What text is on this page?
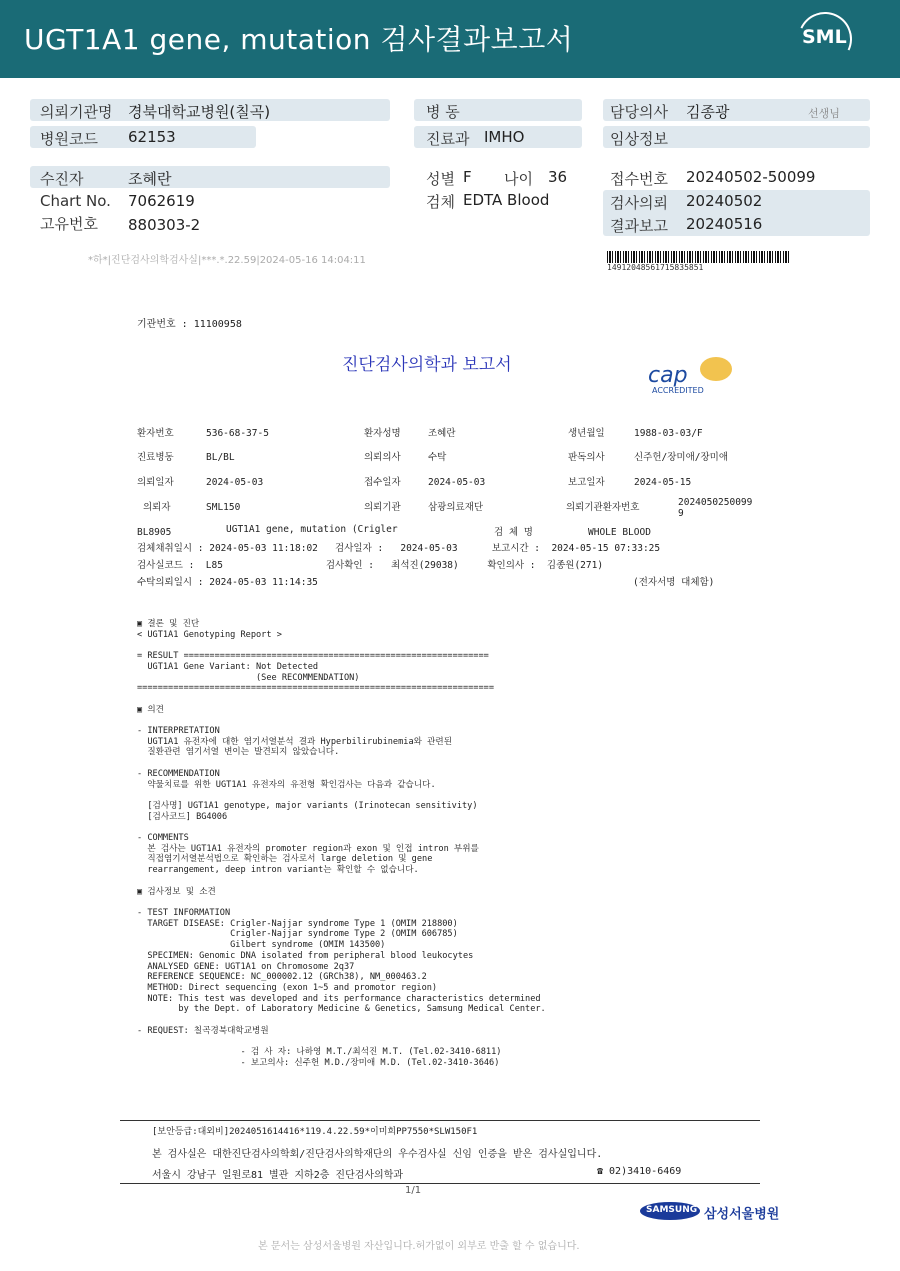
UGT1A1 gene, mutation 검사결과보고서	SML
의뢰기관명 경북대학교병원(칠곡)
병원코드 62153
병 동
진료과 IMHO
담당의사 김종광	선생님
임상정보
수진자	조혜란
Chart No. 7062619
고유번호 880303-2
성별 F 나이 36
검체 EDTA Blood
접수번호 20240502-50099
검사의뢰 20240502
결과보고 20240516
*하*|진단검사의학검사실|***.*.22.59|2024-05-16 14:04:11
14912048561715835851
기관번호 : 11100958
진단검사의학과 보고서	cap
ACCREDITED
환자번호	536-68-37-5	환자성명	조혜란	생년월일	1988-03-03/F
진료병동	BL/BL	의뢰의사	수탁	판독의사	신주헌/장미애/장미애
의뢰일자	2024-05-03	접수일자	2024-05-03	보고일자	2024-05-15
의뢰자	SML150	의뢰기관	삼광의료재단	의뢰기관환자번호	20240502500999
BL8905	UGT1A1 gene, mutation (Crigler	검 체 명	WHOLE BLOOD
검체채취일시 : 2024-05-03 11:18:02   검사일자 :   2024-05-03      보고시간 :  2024-05-15 07:33:25
검사실코드 :  L85                  검사확인 :   최석진(29038)     확인의사 :  김종원(271)
수탁의뢰일시 : 2024-05-03 11:14:35	(전자서명 대체함)
▣ 결론 및 진단
< UGT1A1 Genotyping Report >

= RESULT ===========================================================
UGT1A1 Gene Variant: Not Detected
(See RECOMMENDATION)
=====================================================================

▣ 의견

- INTERPRETATION
UGT1A1 유전자에 대한 염기서열분석 결과 Hyperbilirubinemia와 관련된
질환관련 염기서열 변이는 발견되지 않았습니다.

- RECOMMENDATION
약물치료를 위한 UGT1A1 유전자의 유전형 확인검사는 다음과 같습니다.

[검사명] UGT1A1 genotype, major variants (Irinotecan sensitivity)
[검사코드] BG4006

- COMMENTS
본 검사는 UGT1A1 유전자의 promoter region과 exon 및 인접 intron 부위를
직접염기서열분석법으로 확인하는 검사로서 large deletion 및 gene
rearrangement, deep intron variant는 확인할 수 없습니다.

▣ 검사정보 및 소견

- TEST INFORMATION
TARGET DISEASE: Crigler-Najjar syndrome Type 1 (OMIM 218800)
Crigler-Najjar syndrome Type 2 (OMIM 606785)
Gilbert syndrome (OMIM 143500)
SPECIMEN: Genomic DNA isolated from peripheral blood leukocytes
ANALYSED GENE: UGT1A1 on Chromosome 2q37
REFERENCE SEQUENCE: NC_000002.12 (GRCh38), NM_000463.2
METHOD: Direct sequencing (exon 1~5 and promotor region)
NOTE: This test was developed and its performance characteristics determined
by the Dept. of Laboratory Medicine & Genetics, Samsung Medical Center.

- REQUEST: 칠곡경북대학교병원

- 검 사 자: 나하영 M.T./최석진 M.T. (Tel.02-3410-6811)
- 보고의사: 신주헌 M.D./장미애 M.D. (Tel.02-3410-3646)
[보안등급:대외비]2024051614416*119.4.22.59*이미희PP7550*SLW150F1
본 검사실은 대한진단검사의학회/진단검사의학재단의 우수검사실 신임 인증을 받은 검사실입니다.
서울시 강남구 일원로81 별관 지하2층 진단검사의학과	☎ 02)3410-6469
1/1
SAMSUNG 삼성서울병원
본 문서는 삼성서울병원 자산입니다.허가없이 외부로 반출 할 수 없습니다.
